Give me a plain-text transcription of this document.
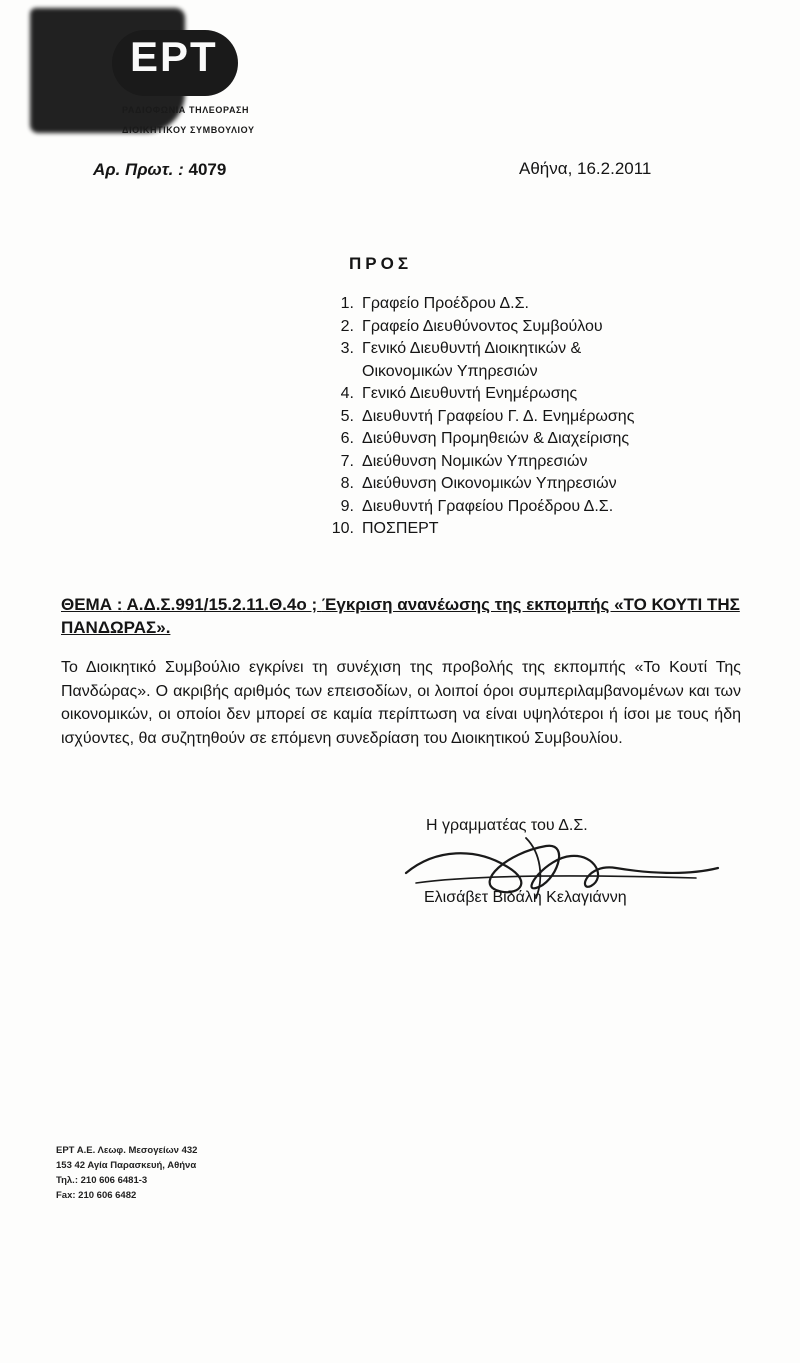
ΕΡΤ
ΡΑΔΙΟΦΩΝΙΑ ΤΗΛΕΟΡΑΣΗ
ΔΙΟΙΚΗΤΙΚΟΥ ΣΥΜΒΟΥΛΙΟΥ
Αρ. Πρωτ. : 4079	Αθήνα, 16.2.2011
ΠΡΟΣ
1. Γραφείο Προέδρου Δ.Σ.
2. Γραφείο Διευθύνοντος Συμβούλου
3. Γενικό Διευθυντή Διοικητικών &
Οικονομικών Υπηρεσιών
4. Γενικό Διευθυντή Ενημέρωσης
5. Διευθυντή Γραφείου Γ. Δ. Ενημέρωσης
6. Διεύθυνση Προμηθειών & Διαχείρισης
7. Διεύθυνση Νομικών Υπηρεσιών
8. Διεύθυνση Οικονομικών Υπηρεσιών
9. Διευθυντή Γραφείου Προέδρου Δ.Σ.
10. ΠΟΣΠΕΡΤ
ΘΕΜΑ : Α.Δ.Σ.991/15.2.11.Θ.4ο ; Έγκριση ανανέωσης της εκπομπής «ΤΟ ΚΟΥΤΙ ΤΗΣ ΠΑΝΔΩΡΑΣ».
Το Διοικητικό Συμβούλιο εγκρίνει τη συνέχιση της προβολής της εκπομπής «Το Κουτί Της Πανδώρας». Ο ακριβής αριθμός των επεισοδίων, οι λοιποί όροι συμπεριλαμβανομένων και των οικονομικών, οι οποίοι δεν μπορεί σε καμία περίπτωση να είναι υψηλότεροι ή ίσοι με τους ήδη ισχύοντες, θα συζητηθούν σε επόμενη συνεδρίαση του Διοικητικού Συμβουλίου.
Η γραμματέας του Δ.Σ.
Ελισάβετ Βιδάλη Κελαγιάννη
ΕΡΤ Α.Ε. Λεωφ. Μεσογείων 432
153 42 Αγία Παρασκευή, Αθήνα
Τηλ.: 210 606 6481-3
Fax: 210 606 6482
